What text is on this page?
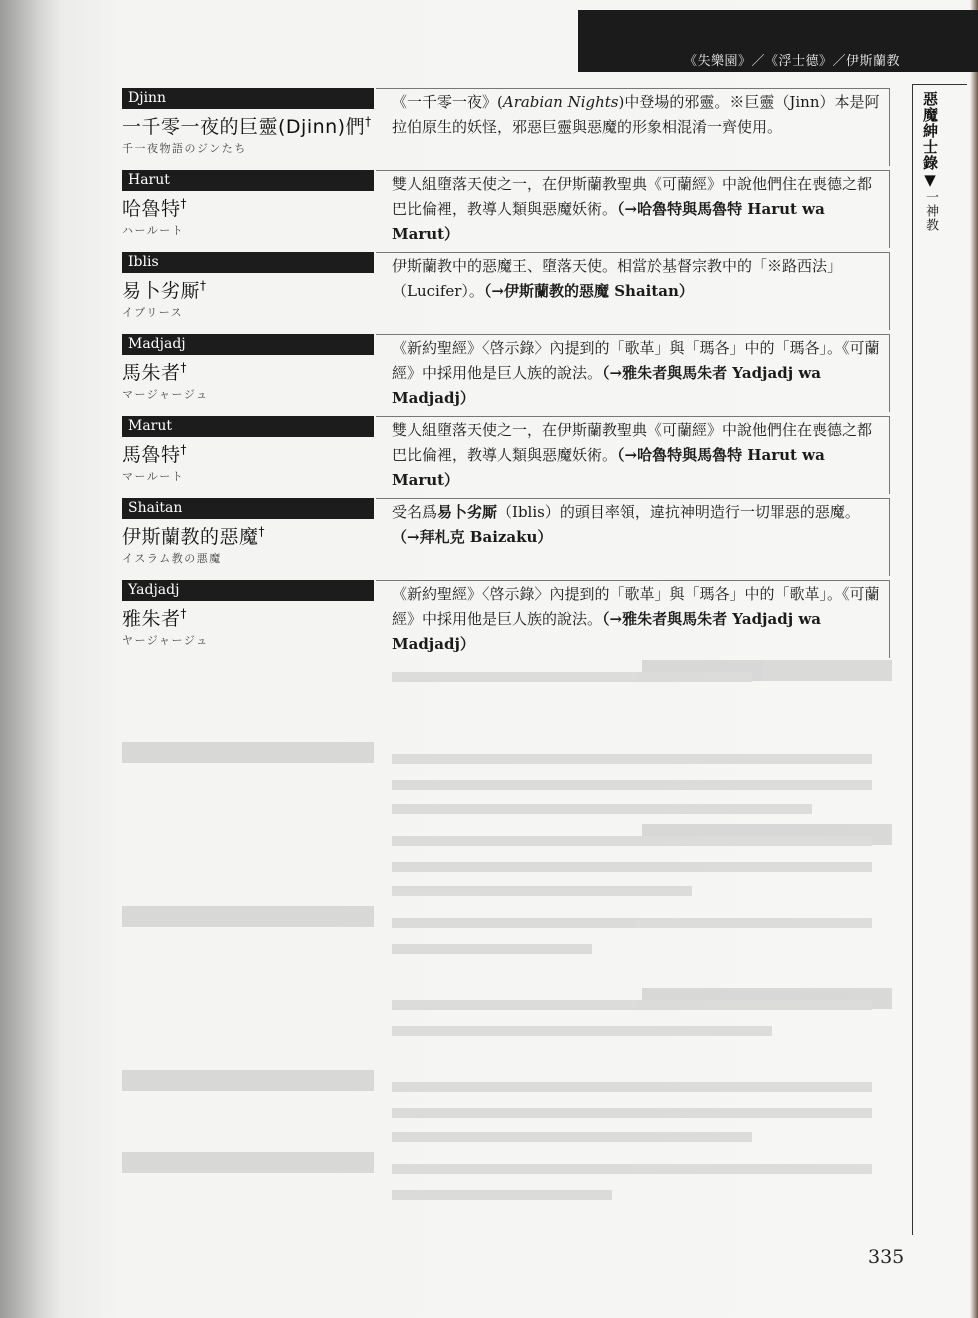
《失樂園》／《浮士德》／伊斯蘭教
惡魔紳士錄▼一神教
Djinn
一千零一夜的巨靈(Djinn)們†
千一夜物語のジンたち
《一千零一夜》(Arabian Nights)中登場的邪靈。※巨靈（Jinn）本是阿拉伯原生的妖怪，邪惡巨靈與惡魔的形象相混淆一齊使用。
Harut
哈魯特†
ハールート
雙人組墮落天使之一，在伊斯蘭教聖典《可蘭經》中說他們住在喪德之都巴比倫裡，教導人類與惡魔妖術。（→哈魯特與馬魯特 Harut wa Marut）
Iblis
易卜劣厮†
イブリース
伊斯蘭教中的惡魔王、墮落天使。相當於基督宗教中的「※路西法」（Lucifer）。（→伊斯蘭教的惡魔 Shaitan）
Madjadj
馬朱者†
マージャージュ
《新約聖經》〈啓示錄〉內提到的「歌革」與「瑪各」中的「瑪各」。《可蘭經》中採用他是巨人族的說法。（→雅朱者與馬朱者 Yadjadj wa Madjadj）
Marut
馬魯特†
マールート
雙人組墮落天使之一，在伊斯蘭教聖典《可蘭經》中說他們住在喪德之都巴比倫裡，教導人類與惡魔妖術。（→哈魯特與馬魯特 Harut wa Marut）
Shaitan
伊斯蘭教的惡魔†
イスラム教の悪魔
受名爲易卜劣厮（Iblis）的頭目率領，違抗神明造行一切罪惡的惡魔。
（→拜札克 Baizaku）
Yadjadj
雅朱者†
ヤージャージュ
《新約聖經》〈啓示錄〉內提到的「歌革」與「瑪各」中的「歌革」。《可蘭經》中採用他是巨人族的說法。（→雅朱者與馬朱者 Yadjadj wa Madjadj）
335
